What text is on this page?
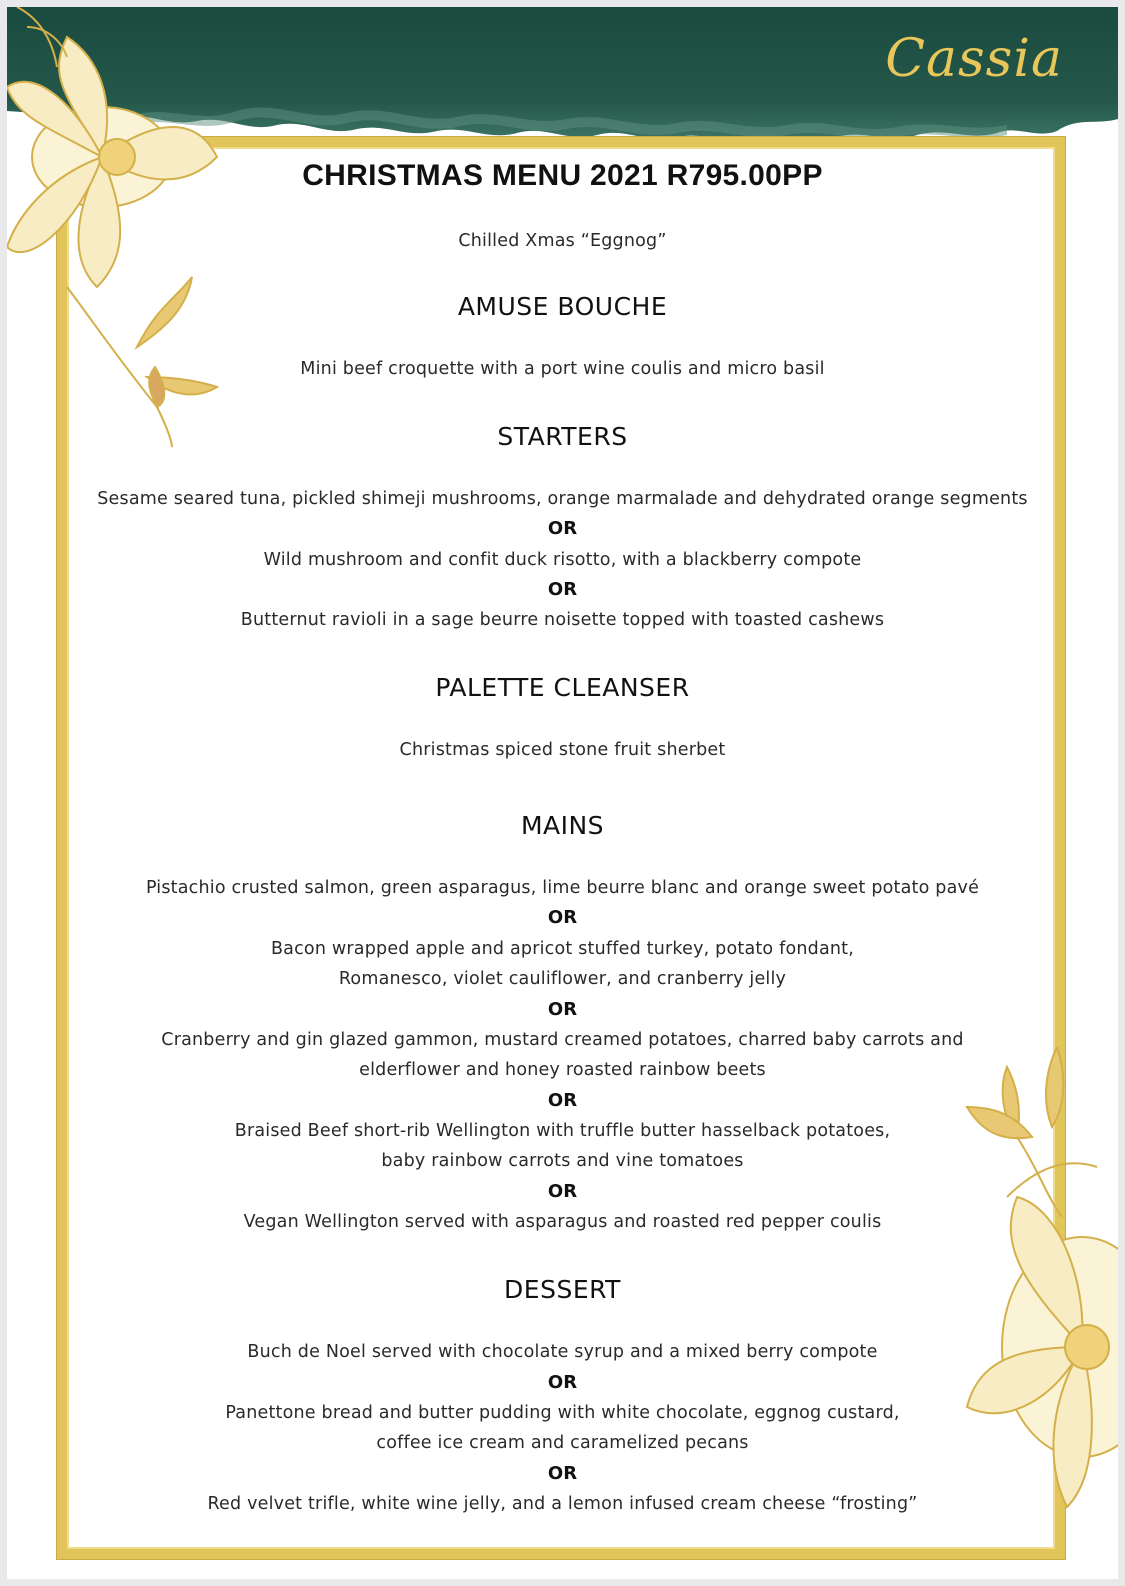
Cassia
CHRISTMAS MENU 2021 R795.00PP
Chilled Xmas “Eggnog”
AMUSE BOUCHE
Mini beef croquette with a port wine coulis and micro basil
STARTERS
Sesame seared tuna, pickled shimeji mushrooms, orange marmalade and dehydrated orange segments
OR
Wild mushroom and confit duck risotto, with a blackberry compote
OR
Butternut ravioli in a sage beurre noisette topped with toasted cashews
PALETTE CLEANSER
Christmas spiced stone fruit sherbet
MAINS
Pistachio crusted salmon, green asparagus, lime beurre blanc and orange sweet potato pavé
OR
Bacon wrapped apple and apricot stuffed turkey, potato fondant,
Romanesco, violet cauliflower, and cranberry jelly
OR
Cranberry and gin glazed gammon, mustard creamed potatoes, charred baby carrots and
elderflower and honey roasted rainbow beets
OR
Braised Beef short-rib Wellington with truffle butter hasselback potatoes,
baby rainbow carrots and vine tomatoes
OR
Vegan Wellington served with asparagus and roasted red pepper coulis
DESSERT
Buch de Noel served with chocolate syrup and a mixed berry compote
OR
Panettone bread and butter pudding with white chocolate, eggnog custard,
coffee ice cream and caramelized pecans
OR
Red velvet trifle, white wine jelly, and a lemon infused cream cheese “frosting”
